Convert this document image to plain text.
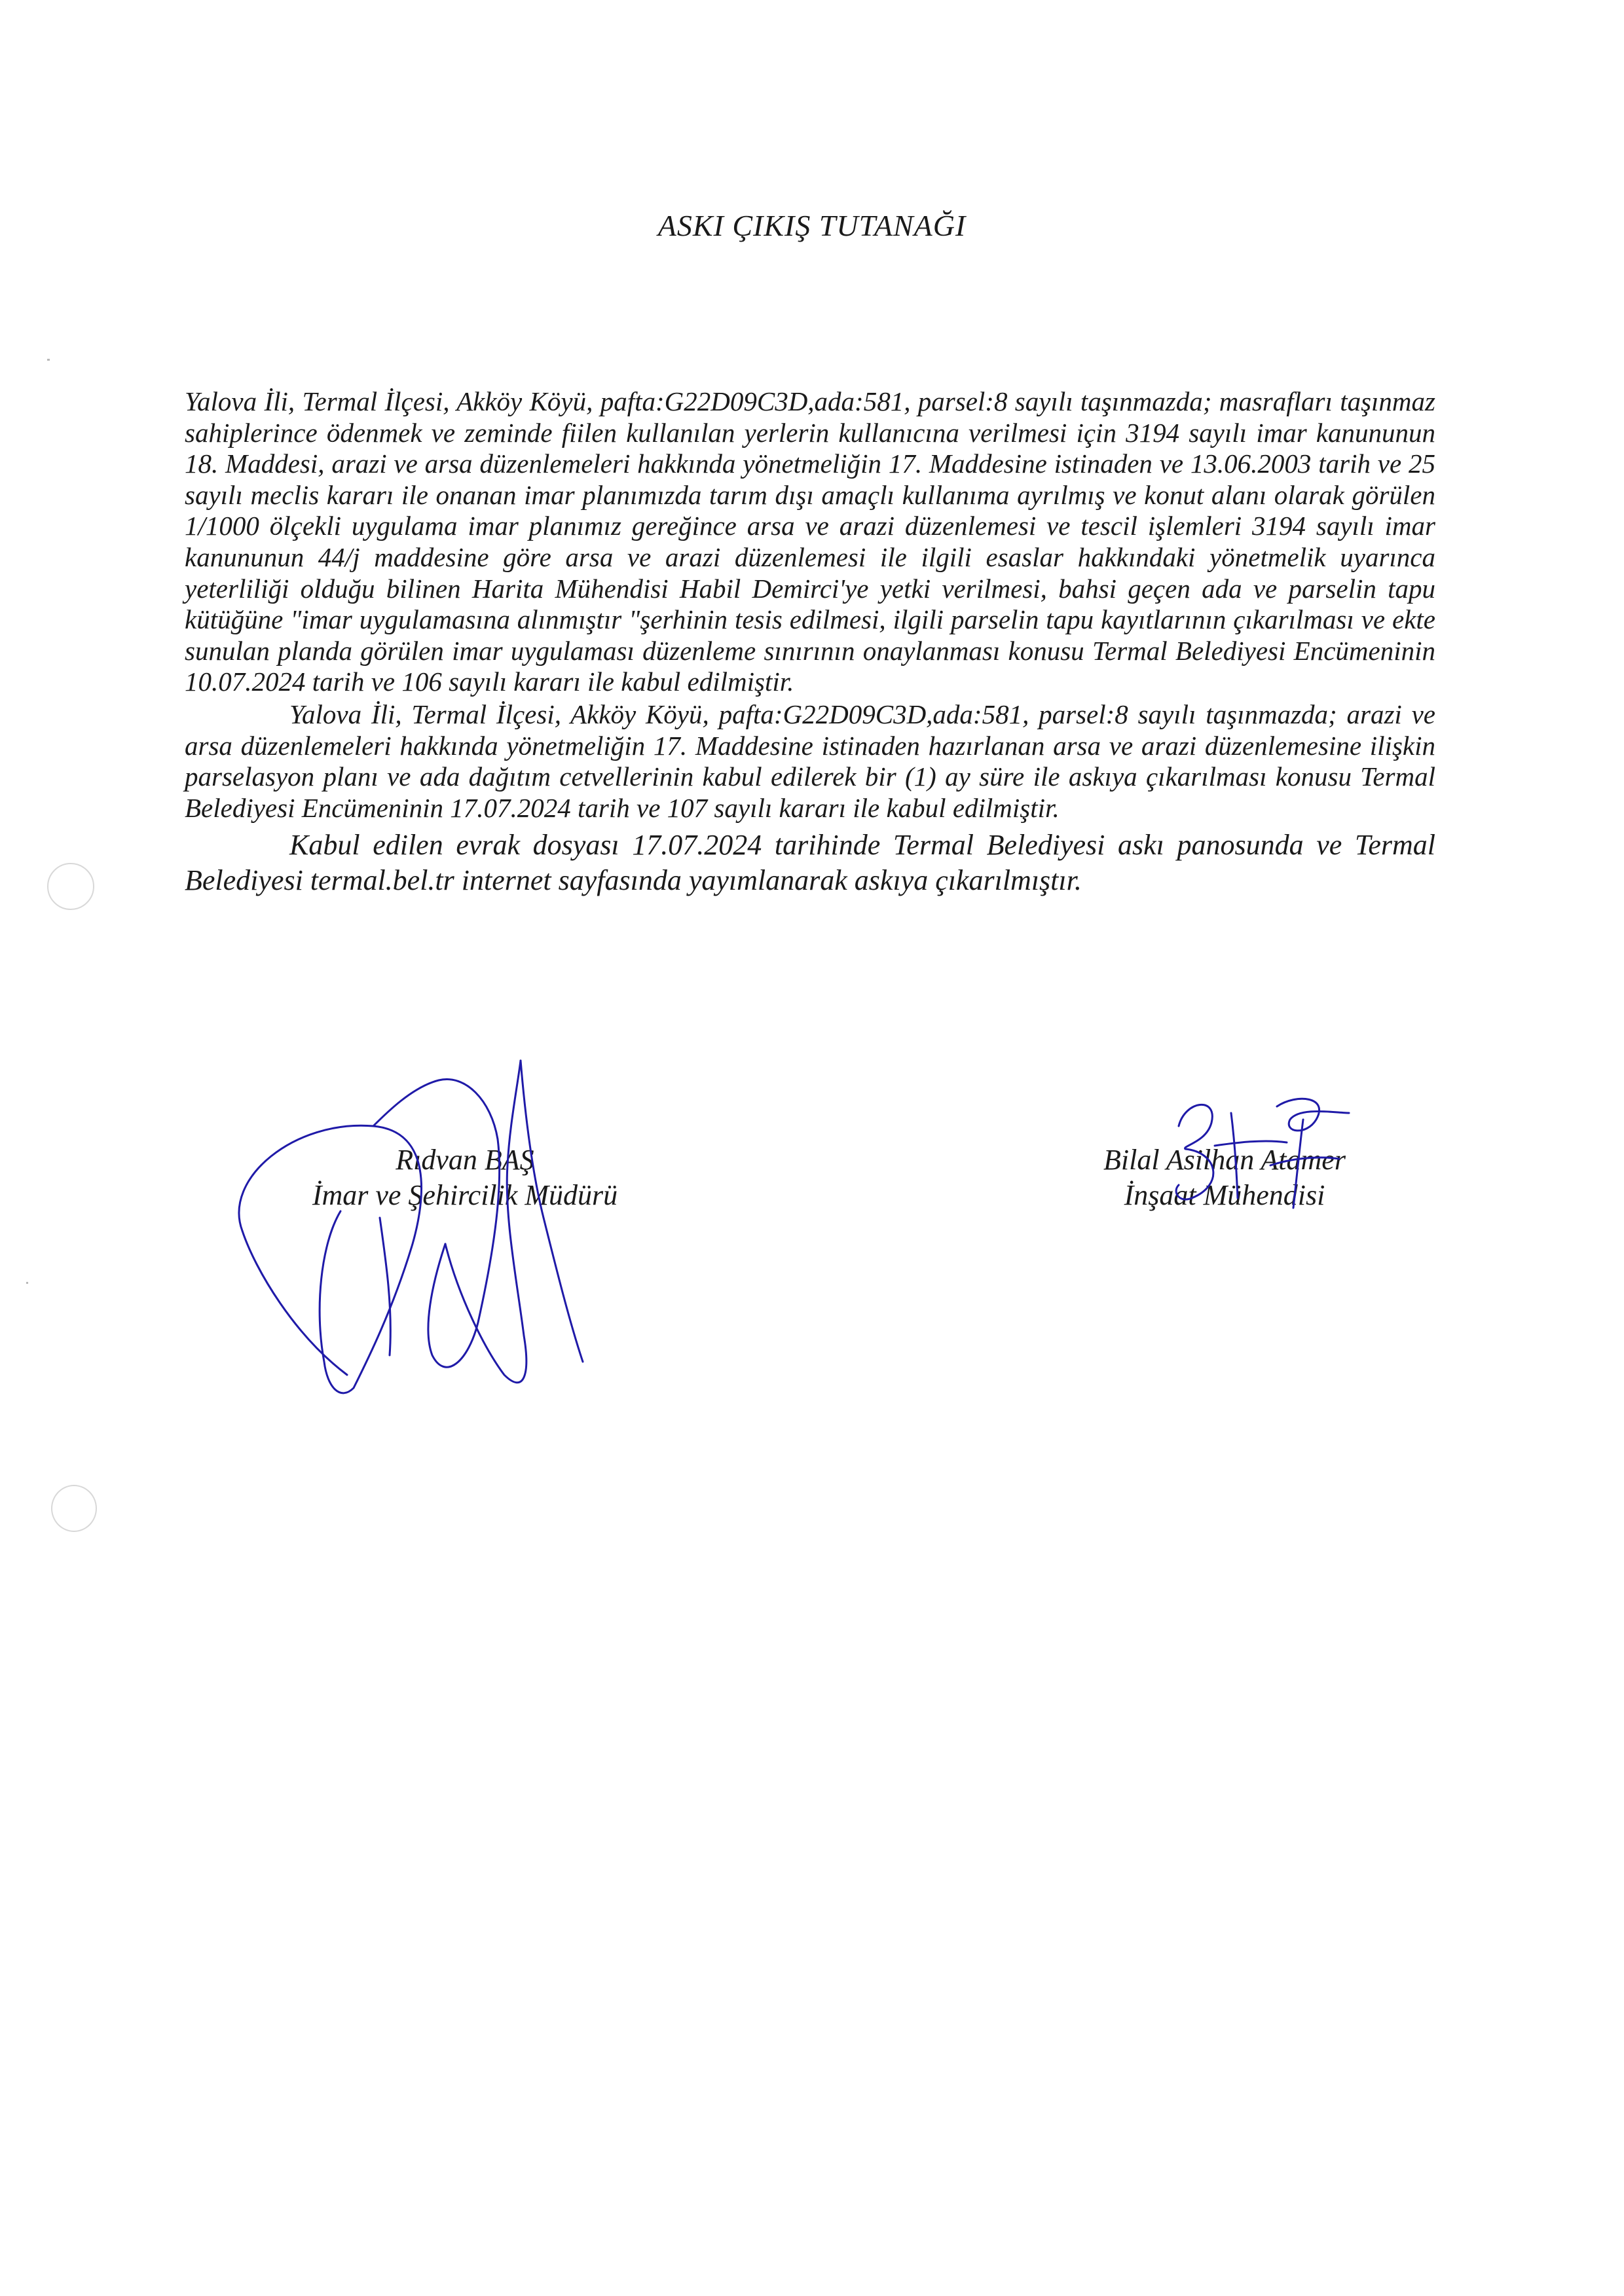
ASKI ÇIKIŞ TUTANAĞI

Yalova İli, Termal İlçesi, Akköy Köyü, pafta:G22D09C3D,ada:581, parsel:8 sayılı taşınmazda; masrafları taşınmaz sahiplerince ödenmek ve zeminde fiilen kullanılan yerlerin kullanıcına verilmesi için 3194 sayılı imar kanununun 18. Maddesi, arazi ve arsa düzenlemeleri hakkında yönetmeliğin 17. Maddesine istinaden ve 13.06.2003 tarih ve 25 sayılı meclis kararı ile onanan imar planımızda tarım dışı amaçlı kullanıma ayrılmış ve konut alanı olarak görülen 1/1000 ölçekli uygulama imar planımız gereğince arsa ve arazi düzenlemesi ve tescil işlemleri 3194 sayılı imar kanununun 44/j maddesine göre arsa ve arazi düzenlemesi ile ilgili esaslar hakkındaki yönetmelik uyarınca yeterliliği olduğu bilinen Harita Mühendisi Habil Demirci'ye yetki verilmesi, bahsi geçen ada ve parselin tapu kütüğüne "imar uygulamasına alınmıştır "şerhinin tesis edilmesi, ilgili parselin tapu kayıtlarının çıkarılması ve ekte sunulan planda görülen imar uygulaması düzenleme sınırının onaylanması konusu Termal Belediyesi Encümeninin 10.07.2024 tarih ve 106 sayılı kararı ile kabul edilmiştir.

Yalova İli, Termal İlçesi, Akköy Köyü, pafta:G22D09C3D,ada:581, parsel:8 sayılı taşınmazda; arazi ve arsa düzenlemeleri hakkında yönetmeliğin 17. Maddesine istinaden hazırlanan arsa ve arazi düzenlemesine ilişkin parselasyon planı ve ada dağıtım cetvellerinin kabul edilerek bir (1) ay süre ile askıya çıkarılması konusu Termal Belediyesi Encümeninin 17.07.2024 tarih ve 107 sayılı kararı ile kabul edilmiştir.

Kabul edilen evrak dosyası 17.07.2024 tarihinde Termal Belediyesi askı panosunda ve Termal Belediyesi termal.bel.tr internet sayfasında yayımlanarak askıya çıkarılmıştır.

Rıdvan BAŞ
İmar ve Şehircilik Müdürü
Bilal Asilhan Atamer
İnşaat Mühendisi
